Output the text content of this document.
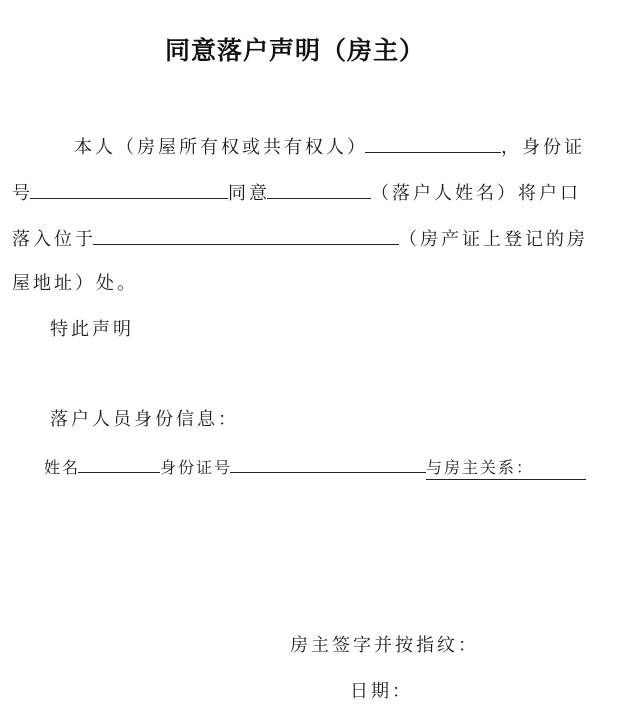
同意落户声明（房主）
本人（房屋所有权或共有权人）	，身份证
号	同意	（落户人姓名）将户口
落入位于	（房产证上登记的房
屋地址）处。
特此声明
落户人员身份信息：
姓名	身份证号	与房主关系：
房主签字并按指纹：
日期：
